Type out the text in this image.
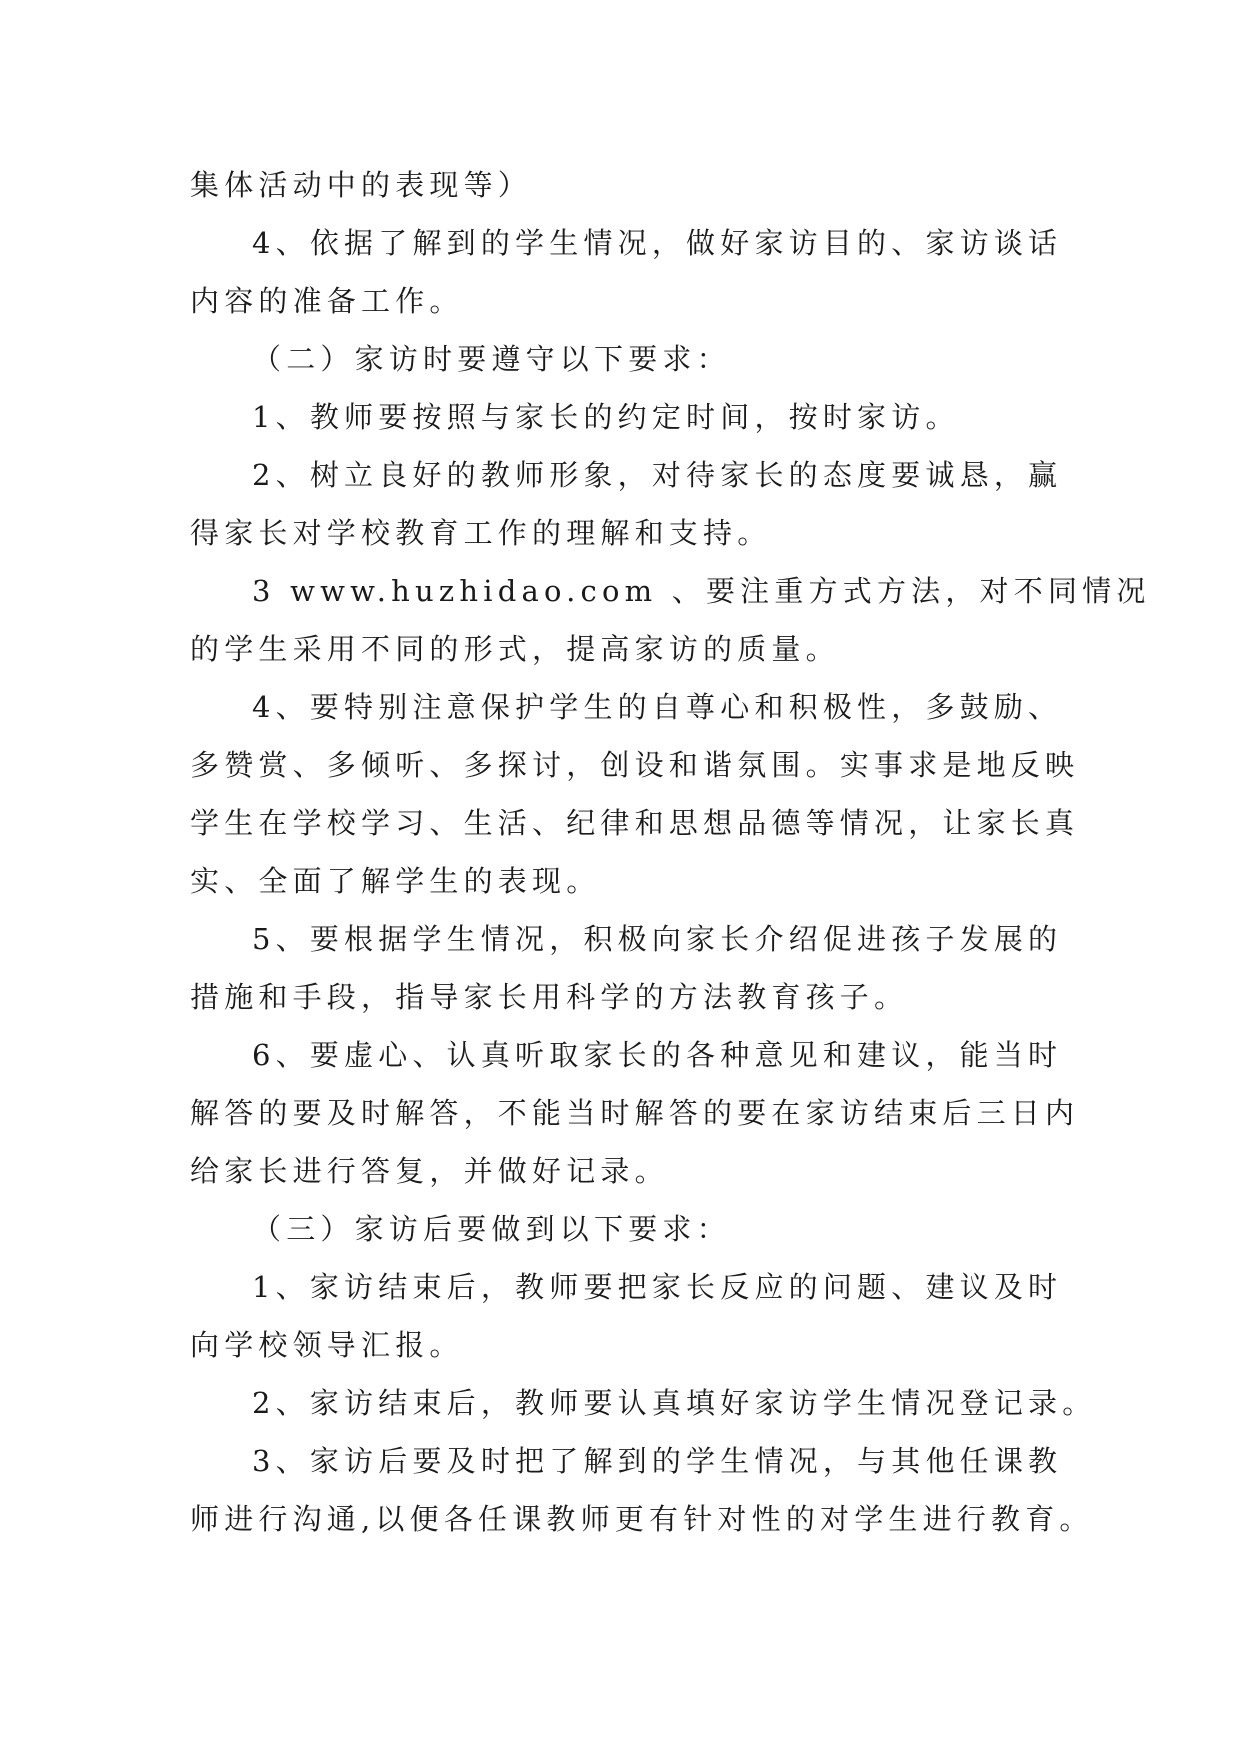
集体活动中的表现等）
4、依据了解到的学生情况，做好家访目的、家访谈话
内容的准备工作。
（二）家访时要遵守以下要求：
1、教师要按照与家长的约定时间，按时家访。
2、树立良好的教师形象，对待家长的态度要诚恳，赢
得家长对学校教育工作的理解和支持。
3 www.huzhidao.com 、要注重方式方法，对不同情况
的学生采用不同的形式，提高家访的质量。
4、要特别注意保护学生的自尊心和积极性，多鼓励、
多赞赏、多倾听、多探讨，创设和谐氛围。实事求是地反映
学生在学校学习、生活、纪律和思想品德等情况，让家长真
实、全面了解学生的表现。
5、要根据学生情况，积极向家长介绍促进孩子发展的
措施和手段，指导家长用科学的方法教育孩子。
6、要虚心、认真听取家长的各种意见和建议，能当时
解答的要及时解答，不能当时解答的要在家访结束后三日内
给家长进行答复，并做好记录。
（三）家访后要做到以下要求：
1、家访结束后，教师要把家长反应的问题、建议及时
向学校领导汇报。
2、家访结束后，教师要认真填好家访学生情况登记录。
3、家访后要及时把了解到的学生情况，与其他任课教
师进行沟通,以便各任课教师更有针对性的对学生进行教育。
